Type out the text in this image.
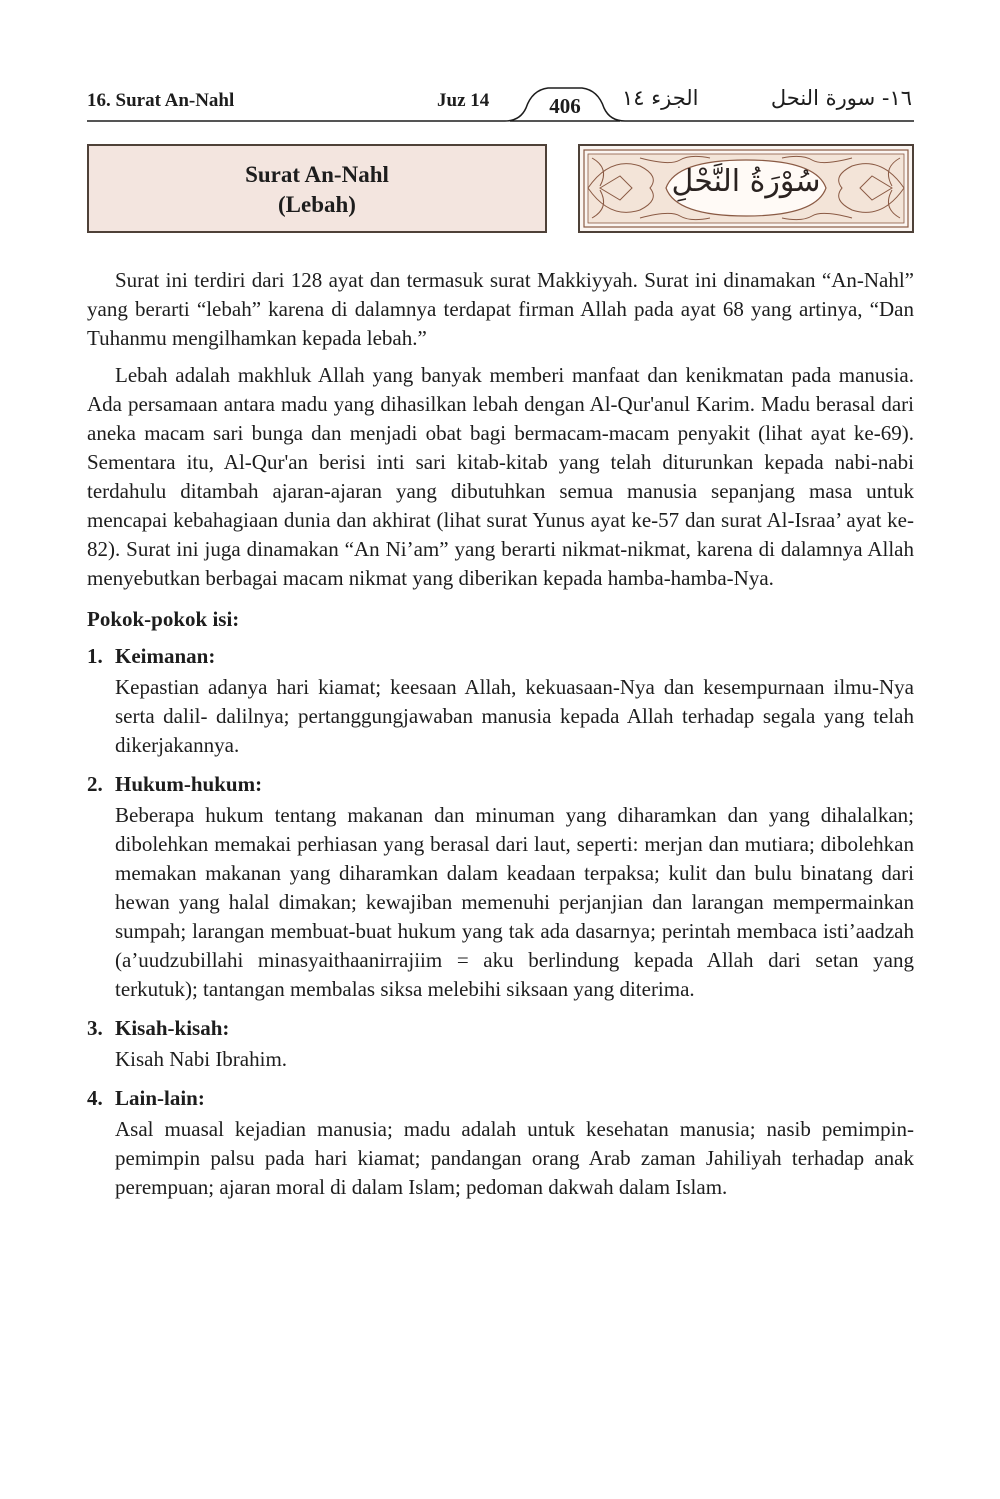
16. Surat An-Nahl	Juz 14	406	الجزء ١٤	١٦- سورة النحل
Surat An-Nahl
(Lebah)
سُوْرَةُ النَّحْلِ

Surat ini terdiri dari 128 ayat dan termasuk surat Makkiyyah. Surat ini dinamakan “An-Nahl” yang berarti “lebah” karena di dalamnya terdapat firman Allah pada ayat 68 yang artinya, “Dan Tuhanmu mengilhamkan kepada lebah.”

Lebah adalah makhluk Allah yang banyak memberi manfaat dan kenikmatan pada manusia. Ada persamaan antara madu yang dihasilkan lebah dengan Al-Qur'anul Karim. Madu berasal dari aneka macam sari bunga dan menjadi obat bagi bermacam-macam penyakit (lihat ayat ke-69). Sementara itu, Al-Qur'an berisi inti sari kitab-kitab yang telah diturunkan kepada nabi-nabi terdahulu ditambah ajaran-ajaran yang dibutuhkan semua manusia sepanjang masa untuk mencapai kebahagiaan dunia dan akhirat (lihat surat Yunus ayat ke-57 dan surat Al-Israa’ ayat ke-82). Surat ini juga dinamakan “An Ni’am” yang berarti nikmat-nikmat, karena di dalamnya Allah menyebutkan berbagai macam nikmat yang diberikan kepada hamba-hamba-Nya.

Pokok-pokok isi:
1. Keimanan:
Kepastian adanya hari kiamat; keesaan Allah, kekuasaan-Nya dan kesempurnaan ilmu-Nya serta dalil- dalilnya; pertanggungjawaban manusia kepada Allah terhadap segala yang telah dikerjakannya.
2. Hukum-hukum:
Beberapa hukum tentang makanan dan minuman yang diharamkan dan yang dihalalkan; dibolehkan memakai perhiasan yang berasal dari laut, seperti: merjan dan mutiara; dibolehkan memakan makanan yang diharamkan dalam keadaan terpaksa; kulit dan bulu binatang dari hewan yang halal dimakan; kewajiban memenuhi perjanjian dan larangan mempermainkan sumpah; larangan membuat-buat hukum yang tak ada dasarnya; perintah membaca isti’aadzah (a’uudzubillahi minasyaithaanirrajiim = aku berlindung kepada Allah dari setan yang terkutuk); tantangan membalas siksa melebihi siksaan yang diterima.
3. Kisah-kisah:
Kisah Nabi Ibrahim.
4. Lain-lain:
Asal muasal kejadian manusia; madu adalah untuk kesehatan manusia; nasib pemimpin-pemimpin palsu pada hari kiamat; pandangan orang Arab zaman Jahiliyah terhadap anak perempuan; ajaran moral di dalam Islam; pedoman dakwah dalam Islam.
